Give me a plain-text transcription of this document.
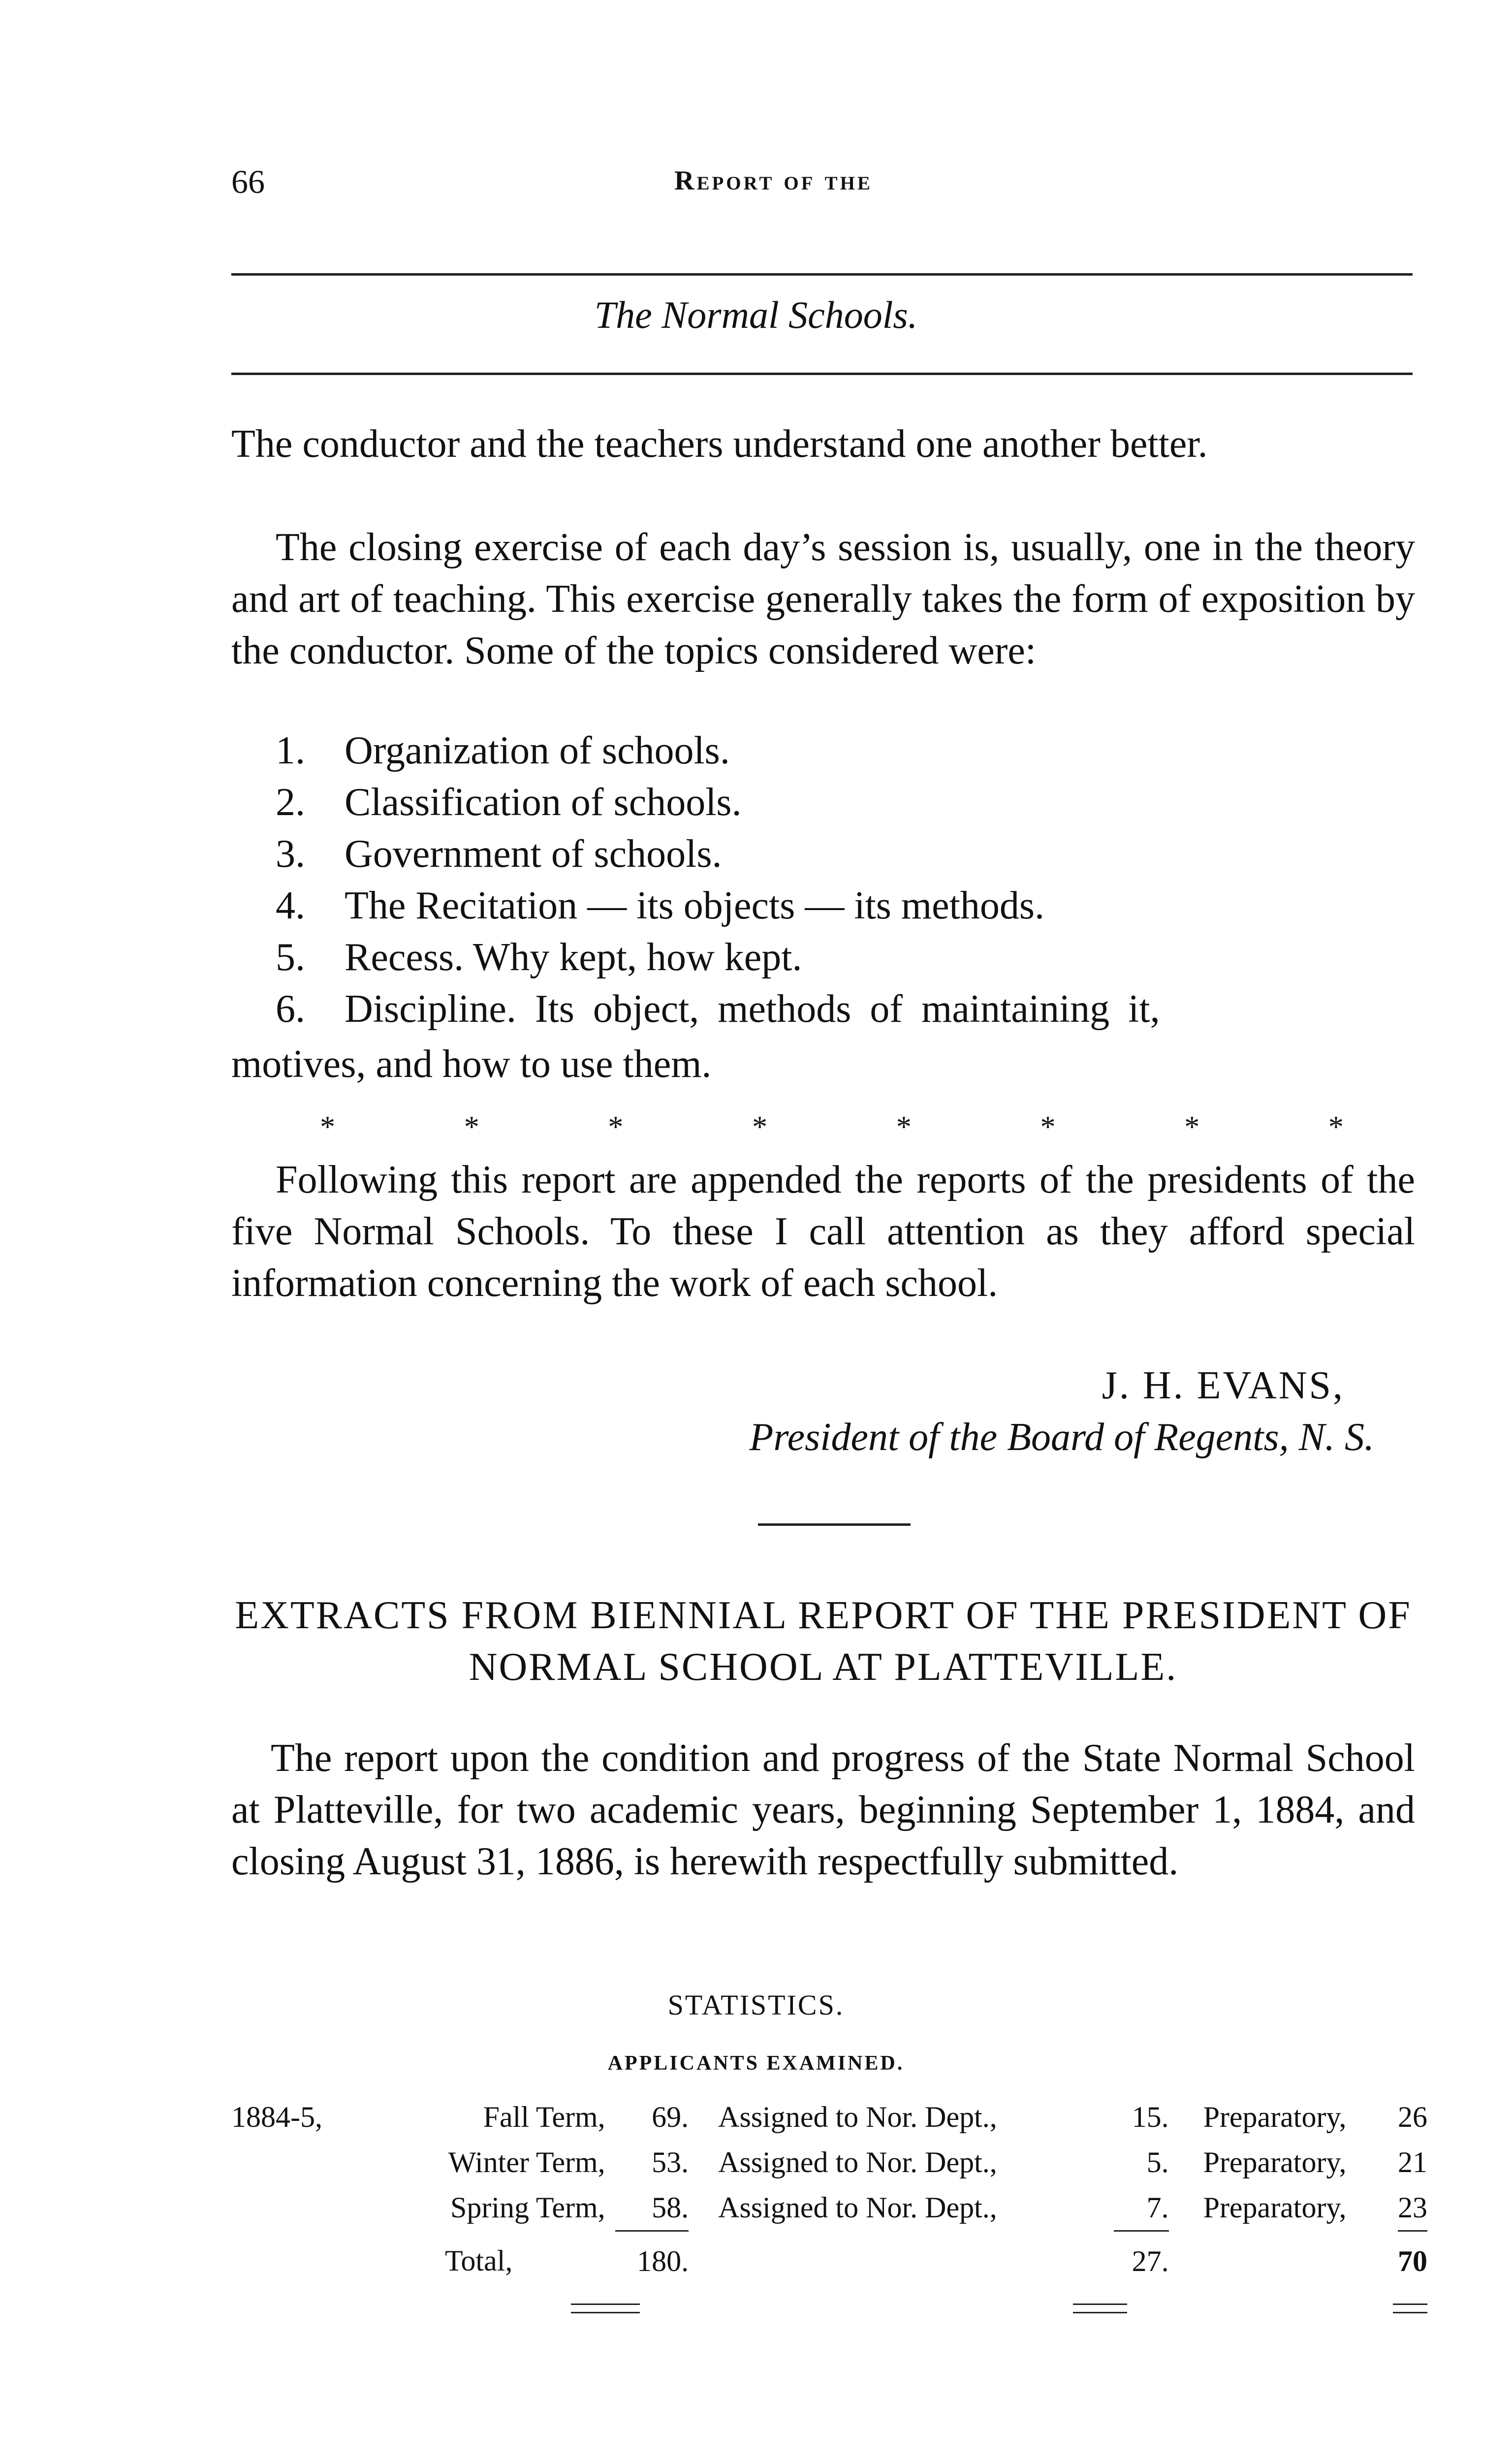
66	Report of the
The Normal Schools.
The conductor and the teachers understand one another better.
The closing exercise of each day’s session is, usually, one in the theory and art of teaching. This exercise generally takes the form of exposition by the conductor. Some of the topics considered were:
1. Organization of schools.
2. Classification of schools.
3. Government of schools.
4. The Recitation — its objects — its methods.
5. Recess. Why kept, how kept.
6. Discipline. Its object, methods of maintaining it,
motives, and how to use them.
*	*	*	*	*	*	*	*
Following this report are appended the reports of the presidents of the five Normal Schools. To these I call attention as they afford special information concerning the work of each school.
J. H. EVANS,
President of the Board of Regents, N. S.
EXTRACTS FROM BIENNIAL REPORT OF THE PRESIDENT OF NORMAL SCHOOL AT PLATTEVILLE.
The report upon the condition and progress of the State Normal School at Platteville, for two academic years, beginning September 1, 1884, and closing August 31, 1886, is herewith respectfully submitted.
STATISTICS.
APPLICANTS EXAMINED.
1884-5,	Fall Term,	69.	Assigned to Nor. Dept.,	15.	Preparatory,	26
	Winter Term,	53.	Assigned to Nor. Dept.,	5.	Preparatory,	21
	Spring Term,	58.	Assigned to Nor. Dept.,	7.	Preparatory,	23
	Total,	180.		27.		70
